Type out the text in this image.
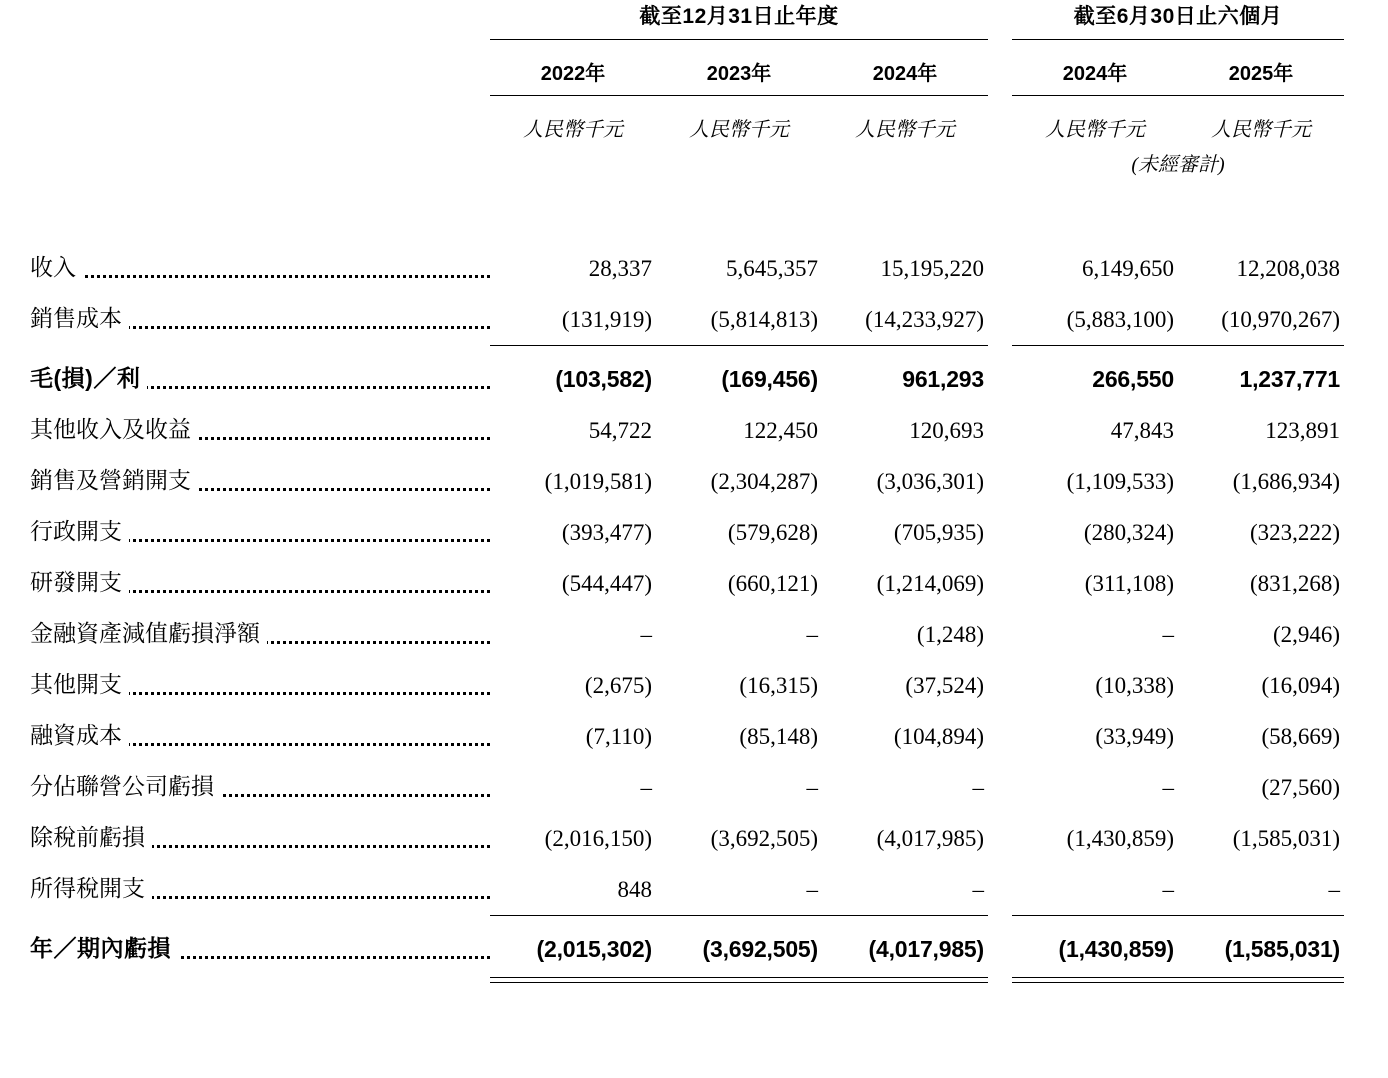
	截至12月31日止年度				截至6月30日止六個月		

	2022年	2023年	2024年		2024年	2025年	

	人民幣千元	人民幣千元	人民幣千元		人民幣千元	人民幣千元	
					(未經審計)		

收入	28,337	5,645,357	15,195,220		6,149,650	12,208,038	

銷售成本	(131,919)	(5,814,813)	(14,233,927)		(5,883,100)	(10,970,267)	

毛(損)／利	(103,582)	(169,456)	961,293		266,550	1,237,771	

其他收入及收益	54,722	122,450	120,693		47,843	123,891	

銷售及營銷開支	(1,019,581)	(2,304,287)	(3,036,301)		(1,109,533)	(1,686,934)	

行政開支	(393,477)	(579,628)	(705,935)		(280,324)	(323,222)	

研發開支	(544,447)	(660,121)	(1,214,069)		(311,108)	(831,268)	

金融資產減值虧損淨額	–	–	(1,248)		–	(2,946)	

其他開支	(2,675)	(16,315)	(37,524)		(10,338)	(16,094)	

融資成本	(7,110)	(85,148)	(104,894)		(33,949)	(58,669)	

分佔聯營公司虧損	–	–	–		–	(27,560)	

除稅前虧損	(2,016,150)	(3,692,505)	(4,017,985)		(1,430,859)	(1,585,031)	

所得稅開支	848	–	–		–	–	

年／期內虧損	(2,015,302)	(3,692,505)	(4,017,985)		(1,430,859)	(1,585,031)	
